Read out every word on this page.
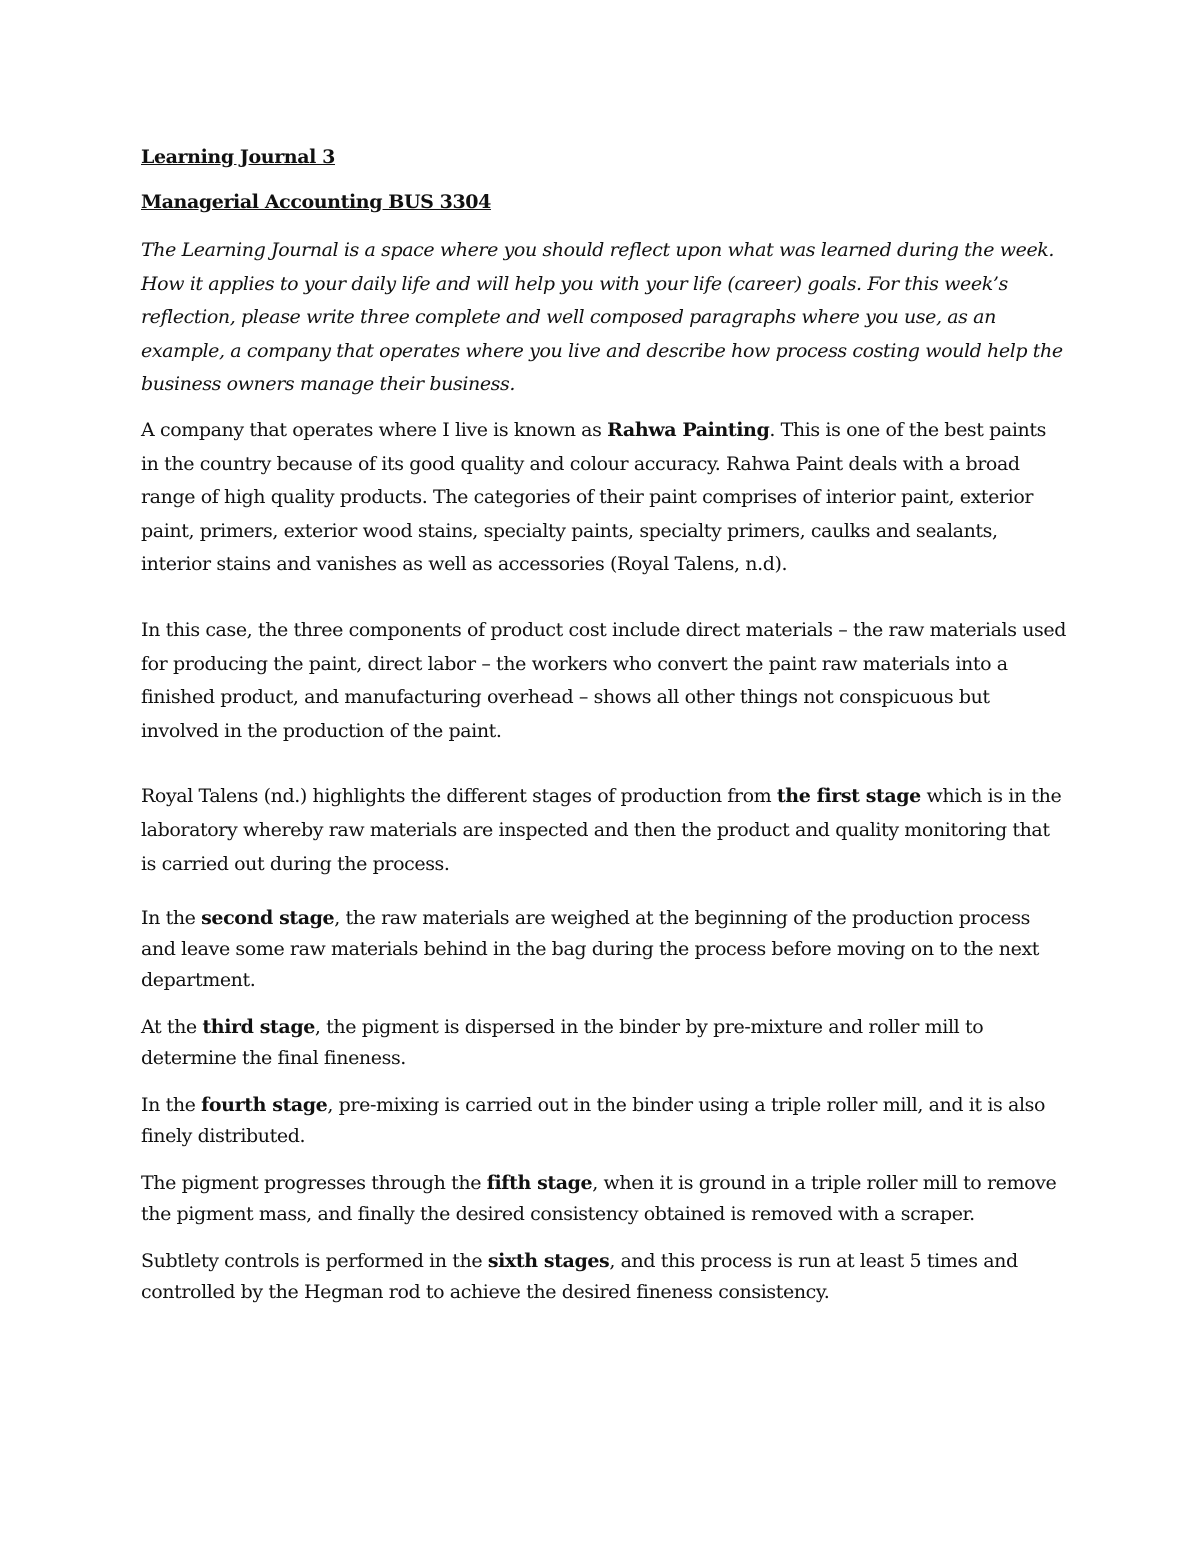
Learning Journal 3

Managerial Accounting BUS 3304

The Learning Journal is a space where you should reflect upon what was learned during the week. How it applies to your daily life and will help you with your life (career) goals. For this week’s reflection, please write three complete and well composed paragraphs where you use, as an example, a company that operates where you live and describe how process costing would help the business owners manage their business.

A company that operates where I live is known as Rahwa Painting. This is one of the best paints in the country because of its good quality and colour accuracy. Rahwa Paint deals with a broad range of high quality products. The categories of their paint comprises of interior paint, exterior paint, primers, exterior wood stains, specialty paints, specialty primers, caulks and sealants, interior stains and vanishes as well as accessories (Royal Talens, n.d).

In this case, the three components of product cost include direct materials – the raw materials used for producing the paint, direct labor – the workers who convert the paint raw materials into a finished product, and manufacturing overhead – shows all other things not conspicuous but involved in the production of the paint.

Royal Talens (nd.) highlights the different stages of production from the first stage which is in the laboratory whereby raw materials are inspected and then the product and quality monitoring that is carried out during the process.

In the second stage, the raw materials are weighed at the beginning of the production process and leave some raw materials behind in the bag during the process before moving on to the next department.

At the third stage, the pigment is dispersed in the binder by pre-mixture and roller mill to determine the final fineness.

In the fourth stage, pre-mixing is carried out in the binder using a triple roller mill, and it is also finely distributed.

The pigment progresses through the fifth stage, when it is ground in a triple roller mill to remove the pigment mass, and finally the desired consistency obtained is removed with a scraper.

Subtlety controls is performed in the sixth stages, and this process is run at least 5 times and controlled by the Hegman rod to achieve the desired fineness consistency.
